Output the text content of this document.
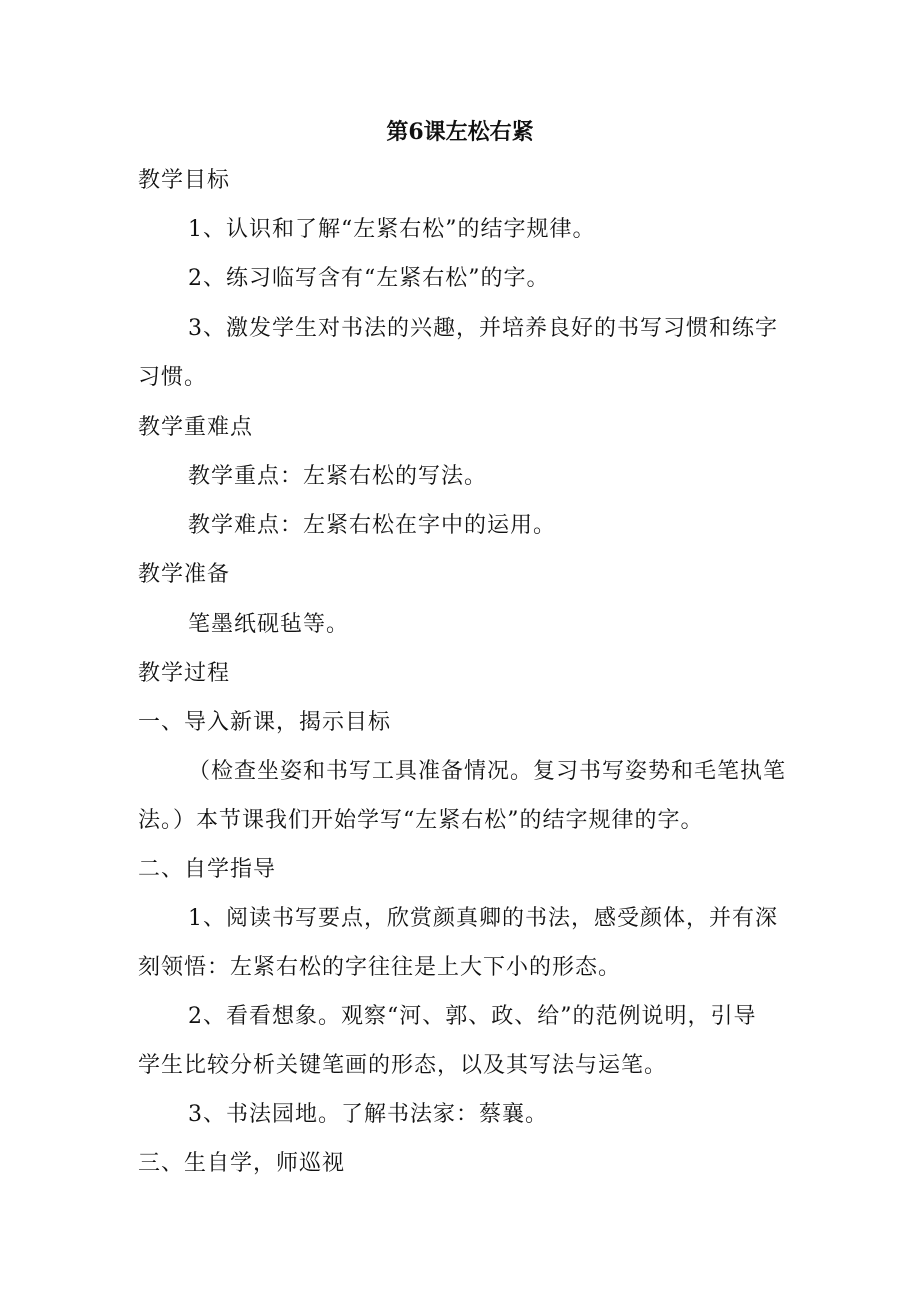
第6课左松右紧
教学目标
1、认识和了解“左紧右松”的结字规律。
2、练习临写含有“左紧右松”的字。
3、激发学生对书法的兴趣，并培养良好的书写习惯和练字
习惯。
教学重难点
教学重点：左紧右松的写法。
教学难点：左紧右松在字中的运用。
教学准备
笔墨纸砚毡等。
教学过程
一、导入新课，揭示目标
（检查坐姿和书写工具准备情况。复习书写姿势和毛笔执笔
法。）本节课我们开始学写“左紧右松”的结字规律的字。
二、自学指导
1、阅读书写要点，欣赏颜真卿的书法，感受颜体，并有深
刻领悟：左紧右松的字往往是上大下小的形态。
2、看看想象。观察“河、郭、政、给”的范例说明，引导
学生比较分析关键笔画的形态，以及其写法与运笔。
3、书法园地。了解书法家：蔡襄。
三、生自学，师巡视
